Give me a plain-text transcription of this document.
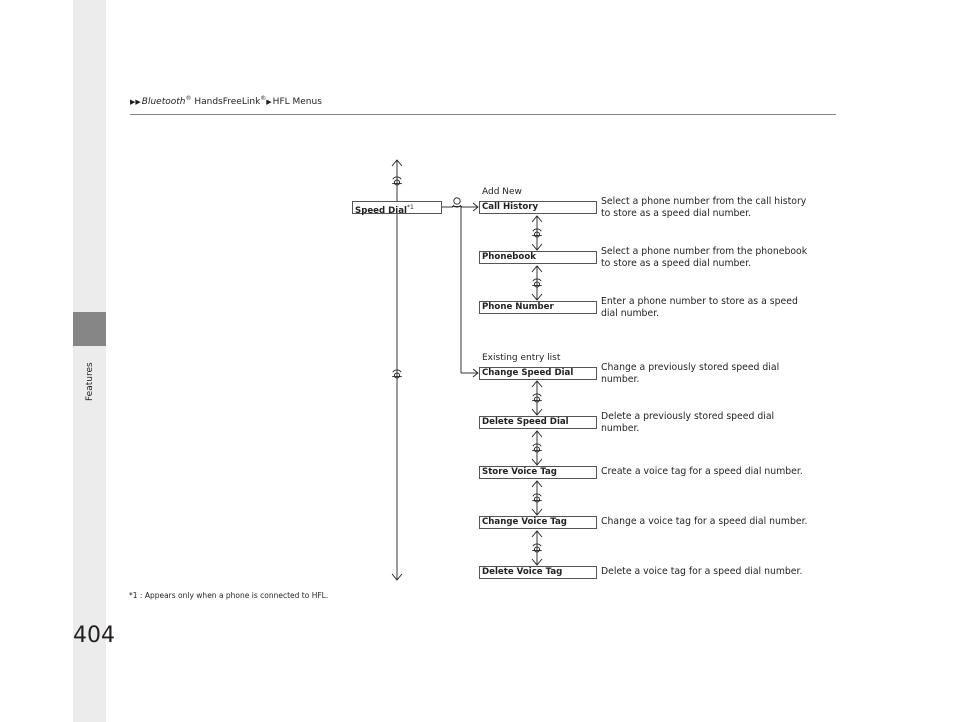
Features
▶▶Bluetooth® HandsFreeLink®▶HFL Menus
Speed Dial$^{*1}$
Add New
Existing entry list
Call History
Phonebook
Phone Number
Change Speed Dial
Delete Speed Dial
Store Voice Tag
Change Voice Tag
Delete Voice Tag
Select a phone number from the call history
to store as a speed dial number.
Select a phone number from the phonebook
to store as a speed dial number.
Enter a phone number to store as a speed
dial number.
Change a previously stored speed dial
number.
Delete a previously stored speed dial
number.
Create a voice tag for a speed dial number.
Change a voice tag for a speed dial number.
Delete a voice tag for a speed dial number.
*1 : Appears only when a phone is connected to HFL.
404
